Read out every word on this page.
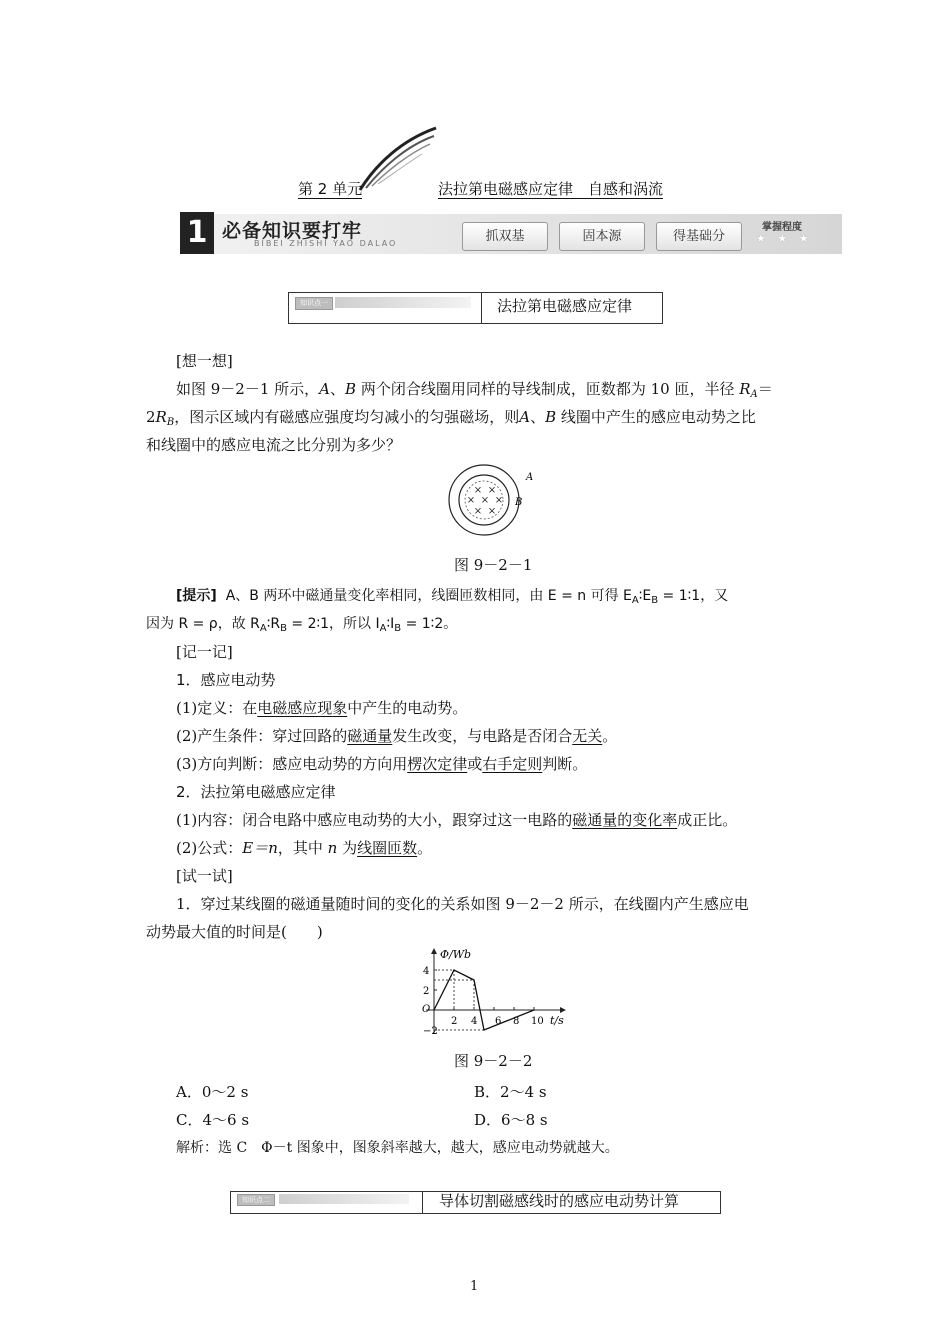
第 2 单元	法拉第电磁感应定律　自感和涡流
1 必备知识要打牢
BIBEI ZHISHI YAO DALAO	抓双基	固本源	得基础分
掌握程度
★ ★ ★
知识点一	法拉第电磁感应定律
[想一想]
如图 9－2－1 所示，A、B 两个闭合线圈用同样的导线制成，匝数都为 10 匝，半径 $R_A=$
$2R_B$，图示区域内有磁感应强度均匀减小的匀强磁场，则A、B 线圈中产生的感应电动势之比
和线圈中的感应电流之比分别为多少？
× ×
× × ×
× ×
A
B
图 9－2－1
[提示] A、B 两环中磁通量变化率相同，线圈匝数相同，由 E = n 可得 $E_A∶E_B$ = 1∶1，又
因为 R = ρ，故 $R_A∶R_B$ = 2∶1，所以 $I_A∶I_B$ = 1∶2。
[记一记]
1．感应电动势
(1)定义：在电磁感应现象中产生的电动势。
(2)产生条件：穿过回路的磁通量发生改变，与电路是否闭合无关。
(3)方向判断：感应电动势的方向用楞次定律或右手定则判断。
2．法拉第电磁感应定律
(1)内容：闭合电路中感应电动势的大小，跟穿过这一电路的磁通量的变化率成正比。
(2)公式：E＝n，其中 n 为线圈匝数。
[试一试]
1．穿过某线圈的磁通量随时间的变化的关系如图 9－2－2 所示，在线圈内产生感应电
动势最大值的时间是(　　)
Φ/Wb
t/s
O
4
2
−2
2 4 6 8 10
图 9－2－2
A．0～2 s	B．2～4 s
C．4～6 s	D．6～8 s
解析：选 C　Φ－t 图象中，图象斜率越大，越大，感应电动势就越大。
知识点二	导体切割磁感线时的感应电动势计算
1
